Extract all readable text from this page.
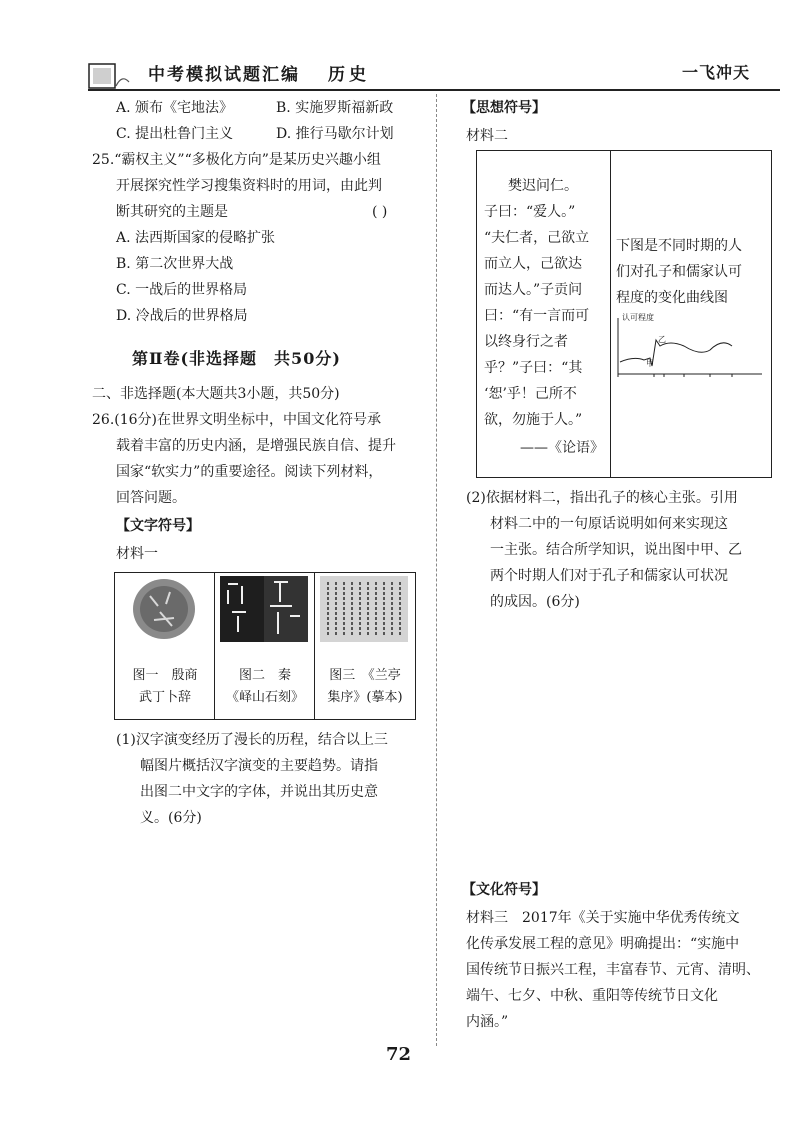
中考模拟试题汇编 历史	一飞冲天
A. 颁布《宅地法》	B. 实施罗斯福新政
C. 提出杜鲁门主义	D. 推行马歇尔计划
25.“霸权主义”“多极化方向”是某历史兴趣小组
开展探究性学习搜集资料时的用词，由此判
断其研究的主题是	( )
A. 法西斯国家的侵略扩张
B. 第二次世界大战
C. 一战后的世界格局
D. 冷战后的世界格局
第Ⅱ卷(非选择题　共50分)
二、非选择题(本大题共3小题，共50分)
26.(16分)在世界文明坐标中，中国文化符号承
载着丰富的历史内涵，是增强民族自信、提升
国家“软实力”的重要途径。阅读下列材料，
回答问题。
【文字符号】
材料一
图一　殷商
武丁卜辞
图二　秦
《峄山石刻》
图三　《兰亭
集序》(摹本)
(1)汉字演变经历了漫长的历程，结合以上三
幅图片概括汉字演变的主要趋势。请指
出图二中文字的字体，并说出其历史意
义。(6分)
【思想符号】
材料二
樊迟问仁。
子曰：“爱人。”
“夫仁者，己欲立
而立人，己欲达
而达人。”子贡问
曰：“有一言而可
以终身行之者
乎？”子曰：“其
‘恕’乎！己所不
欲，勿施于人。”
——《论语》
下图是不同时期的人
们对孔子和儒家认可
程度的变化曲线图
认可程度
乙
甲
(2)依据材料二，指出孔子的核心主张。引用
材料二中的一句原话说明如何来实现这
一主张。结合所学知识，说出图中甲、乙
两个时期人们对于孔子和儒家认可状况
的成因。(6分)
【文化符号】
材料三　2017年《关于实施中华优秀传统文
化传承发展工程的意见》明确提出：“实施中
国传统节日振兴工程，丰富春节、元宵、清明、
端午、七夕、中秋、重阳等传统节日文化
内涵。”
72
